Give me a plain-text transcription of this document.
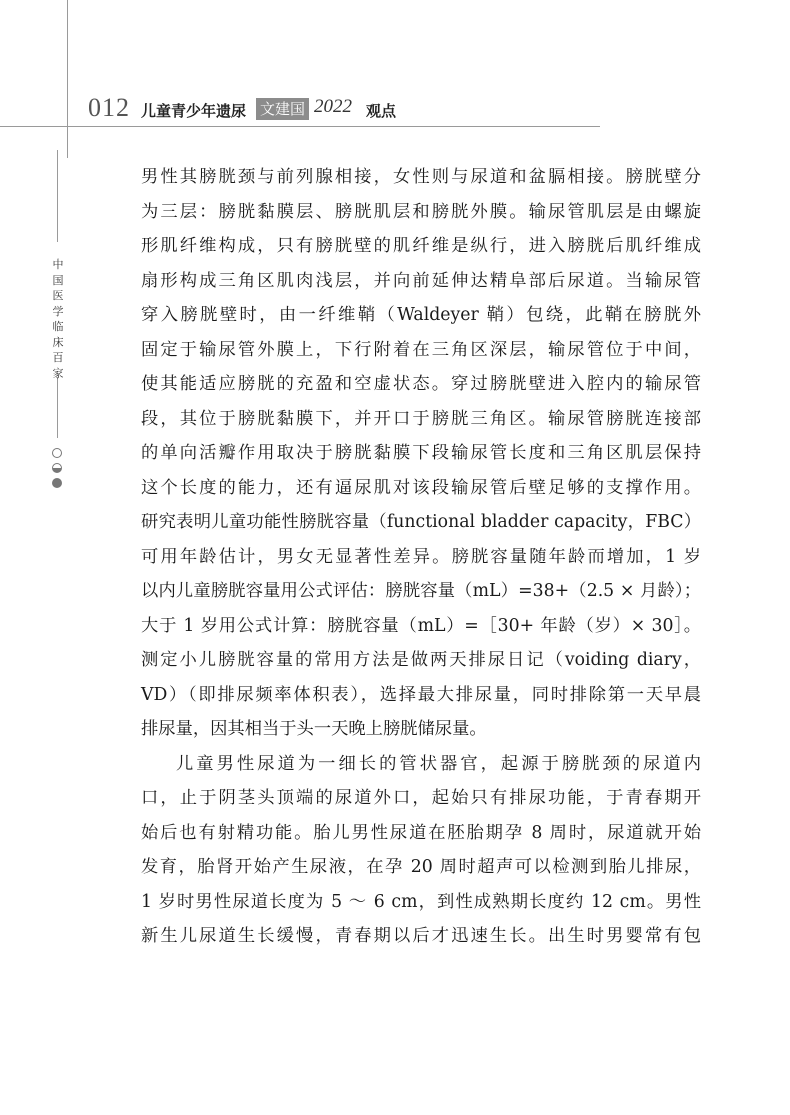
012 儿童青少年遗尿 文建国 2022 观点
中国医学临床百家
男性其膀胱颈与前列腺相接，女性则与尿道和盆膈相接。膀胱壁分
为三层：膀胱黏膜层、膀胱肌层和膀胱外膜。输尿管肌层是由螺旋
形肌纤维构成，只有膀胱壁的肌纤维是纵行，进入膀胱后肌纤维成
扇形构成三角区肌肉浅层，并向前延伸达精阜部后尿道。当输尿管
穿入膀胱壁时，由一纤维鞘（Waldeyer 鞘）包绕，此鞘在膀胱外
固定于输尿管外膜上，下行附着在三角区深层，输尿管位于中间，
使其能适应膀胱的充盈和空虚状态。穿过膀胱壁进入腔内的输尿管
段，其位于膀胱黏膜下，并开口于膀胱三角区。输尿管膀胱连接部
的单向活瓣作用取决于膀胱黏膜下段输尿管长度和三角区肌层保持
这个长度的能力，还有逼尿肌对该段输尿管后壁足够的支撑作用。
研究表明儿童功能性膀胱容量（functional bladder capacity，FBC）
可用年龄估计，男女无显著性差异。膀胱容量随年龄而增加，1 岁
以内儿童膀胱容量用公式评估：膀胱容量（mL）=38+（2.5 × 月龄）；
大于 1 岁用公式计算：膀胱容量（mL）=［30+ 年龄（岁）× 30］。
测定小儿膀胱容量的常用方法是做两天排尿日记（voiding diary，
VD）（即排尿频率体积表），选择最大排尿量，同时排除第一天早晨
排尿量，因其相当于头一天晚上膀胱储尿量。
儿童男性尿道为一细长的管状器官，起源于膀胱颈的尿道内
口，止于阴茎头顶端的尿道外口，起始只有排尿功能，于青春期开
始后也有射精功能。胎儿男性尿道在胚胎期孕 8 周时，尿道就开始
发育，胎肾开始产生尿液，在孕 20 周时超声可以检测到胎儿排尿，
1 岁时男性尿道长度为 5 ～ 6 cm，到性成熟期长度约 12 cm。男性
新生儿尿道生长缓慢，青春期以后才迅速生长。出生时男婴常有包
